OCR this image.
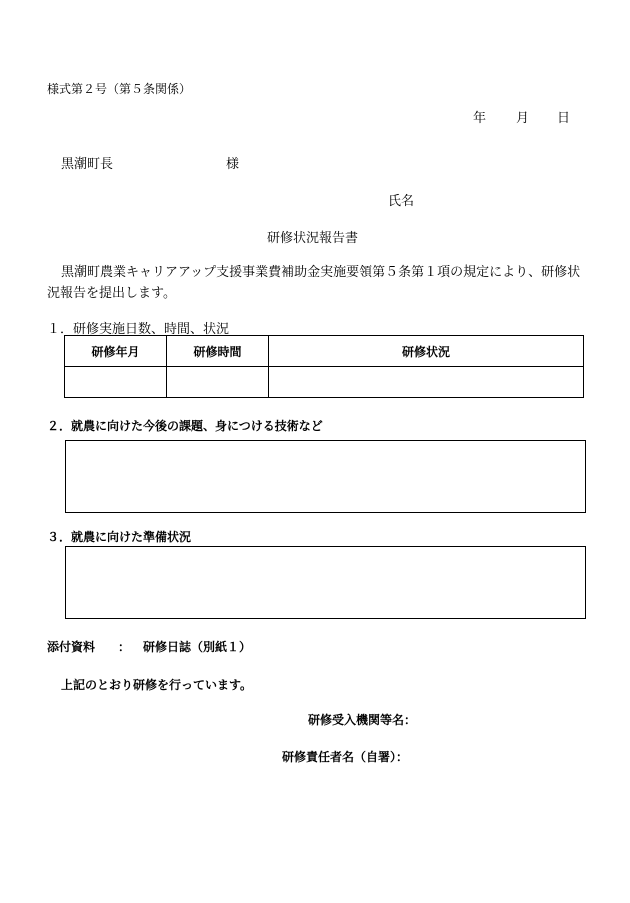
様式第２号（第５条関係）
年 月 日
黒潮町長	様
氏名
研修状況報告書
黒潮町農業キャリアアップ支援事業費補助金実施要領第５条第１項の規定により、研修状況報告を提出します。
１．研修実施日数、時間、状況
研修年月	研修時間	研修状況

２．就農に向けた今後の課題、身につける技術など
３．就農に向けた準備状況
添付資料 ： 研修日誌（別紙１）
上記のとおり研修を行っています。
研修受入機関等名：
研修責任者名（自署）：
